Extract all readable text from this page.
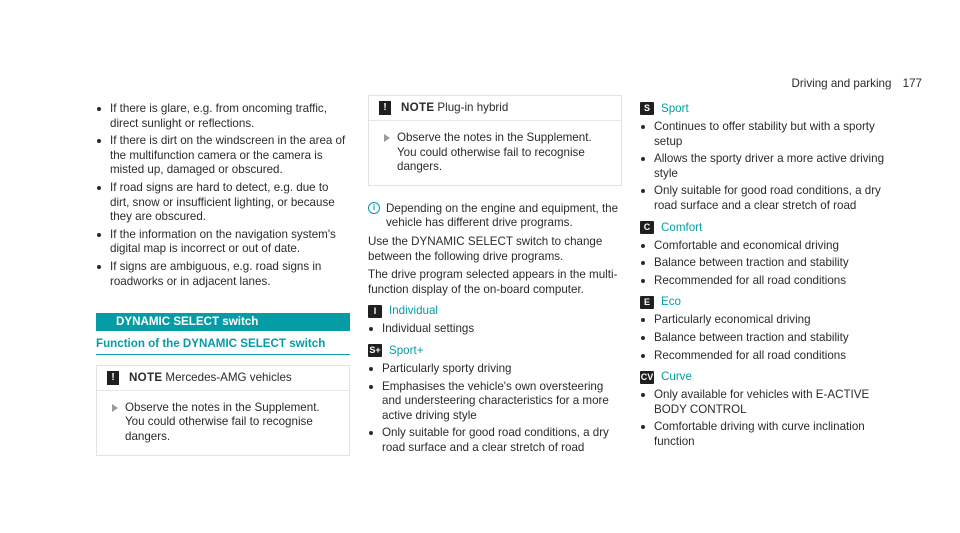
Driving and parking 177
If there is glare, e.g. from oncoming traffic, direct sunlight or reflections.
If there is dirt on the windscreen in the area of the multifunction camera or the camera is misted up, damaged or obscured.
If road signs are hard to detect, e.g. due to dirt, snow or insufficient lighting, or because they are obscured.
If the information on the navigation system's digital map is incorrect or out of date.
If signs are ambiguous, e.g. road signs in roadworks or in adjacent lanes.
DYNAMIC SELECT switch
Function of the DYNAMIC SELECT switch
! NOTE Mercedes-AMG vehicles
Observe the notes in the Supplement. You could otherwise fail to recognise dangers.
! NOTE Plug-in hybrid
Observe the notes in the Supplement. You could otherwise fail to recognise dangers.
i Depending on the engine and equipment, the vehicle has different drive programs.

Use the DYNAMIC SELECT switch to change between the following drive programs.

The drive program selected appears in the multi-function display of the on-board computer.

I Individual
Individual settings
S+ Sport+
Particularly sporty driving
Emphasises the vehicle's own oversteering and understeering characteristics for a more active driving style
Only suitable for good road conditions, a dry road surface and a clear stretch of road
S Sport
Continues to offer stability but with a sporty setup
Allows the sporty driver a more active driving style
Only suitable for good road conditions, a dry road surface and a clear stretch of road
C Comfort
Comfortable and economical driving
Balance between traction and stability
Recommended for all road conditions
E Eco
Particularly economical driving
Balance between traction and stability
Recommended for all road conditions
CV Curve
Only available for vehicles with E-ACTIVE BODY CONTROL
Comfortable driving with curve inclination function
